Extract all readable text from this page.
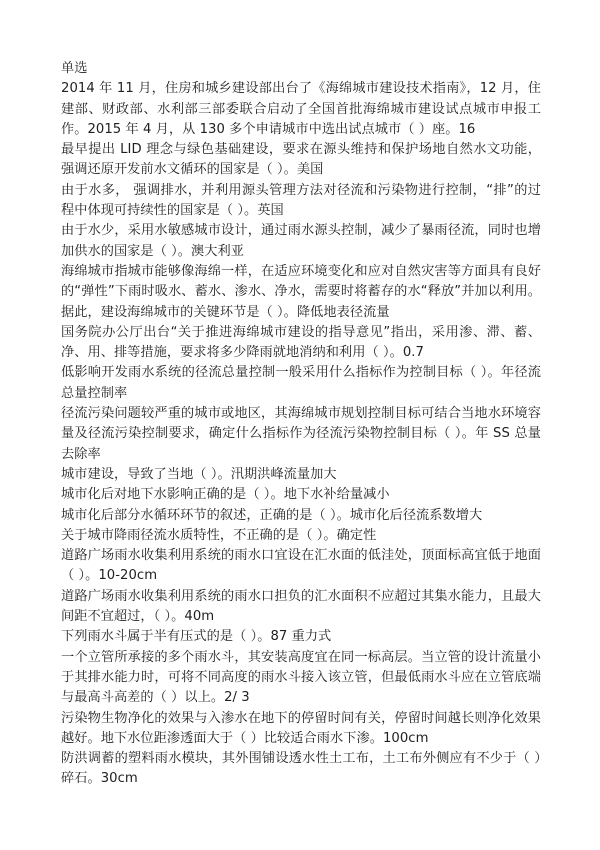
单选
2014 年 11 月，住房和城乡建设部出台了《海绵城市建设技术指南》，12 月，住建部、财政部、水利部三部委联合启动了全国首批海绵城市建设试点城市申报工作。2015 年 4 月，从 130 多个申请城市中选出试点城市（ ）座。16
最早提出 LID 理念与绿色基础建设，要求在源头维持和保护场地自然水文功能，强调还原开发前水文循环的国家是（ ）。美国
由于水多， 强调排水，并利用源头管理方法对径流和污染物进行控制，“排”的过程中体现可持续性的国家是（ ）。英国
由于水少，采用水敏感城市设计，通过雨水源头控制，减少了暴雨径流，同时也增加供水的国家是（ ）。澳大利亚
海绵城市指城市能够像海绵一样，在适应环境变化和应对自然灾害等方面具有良好的“弹性”下雨时吸水、蓄水、渗水、净水，需要时将蓄存的水“释放”并加以利用。据此，建设海绵城市的关键环节是（ ）。降低地表径流量
国务院办公厅出台“关于推进海绵城市建设的指导意见”指出，采用渗、滞、蓄、净、用、排等措施，要求将多少降雨就地消纳和利用（ ）。0.7
低影响开发雨水系统的径流总量控制一般采用什么指标作为控制目标（ ）。年径流总量控制率
径流污染问题较严重的城市或地区，其海绵城市规划控制目标可结合当地水环境容量及径流污染控制要求，确定什么指标作为径流污染物控制目标（ ）。年 SS 总量去除率
城市建设，导致了当地（ ）。汛期洪峰流量加大
城市化后对地下水影响正确的是（ ）。地下水补给量减小
城市化后部分水循环环节的叙述，正确的是（ ）。城市化后径流系数增大
关于城市降雨径流水质特性，不正确的是（ ）。确定性
道路广场雨水收集利用系统的雨水口宜设在汇水面的低洼处，顶面标高宜低于地面（ ）。10-20cm
道路广场雨水收集利用系统的雨水口担负的汇水面积不应超过其集水能力，且最大间距不宜超过，（ ）。40m
下列雨水斗属于半有压式的是（ ）。87 重力式
一个立管所承接的多个雨水斗，其安装高度宜在同一标高层。当立管的设计流量小于其排水能力时，可将不同高度的雨水斗接入该立管，但最低雨水斗应在立管底端与最高斗高差的（ ）以上。2/ 3
污染物生物净化的效果与入渗水在地下的停留时间有关，停留时间越长则净化效果越好。地下水位距渗透面大于（ ）比较适合雨水下渗。100cm
防洪调蓄的塑料雨水模块，其外围铺设透水性土工布，土工布外侧应有不少于（ ）碎石。30cm
